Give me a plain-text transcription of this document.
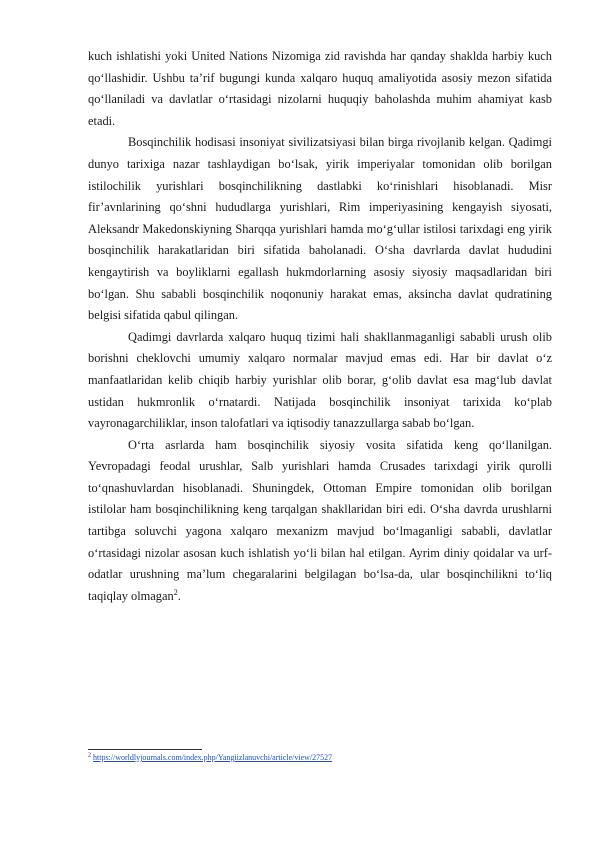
kuch ishlatishi yoki United Nations Nizomiga zid ravishda har qanday shaklda harbiy kuch qo‘llashidir. Ushbu ta’rif bugungi kunda xalqaro huquq amaliyotida asosiy mezon sifatida qo‘llaniladi va davlatlar o‘rtasidagi nizolarni huquqiy baholashda muhim ahamiyat kasb etadi.

Bosqinchilik hodisasi insoniyat sivilizatsiyasi bilan birga rivojlanib kelgan. Qadimgi dunyo tarixiga nazar tashlaydigan bo‘lsak, yirik imperiyalar tomonidan olib borilgan istilochilik yurishlari bosqinchilikning dastlabki ko‘rinishlari hisoblanadi. Misr fir’avnlarining qo‘shni hududlarga yurishlari, Rim imperiyasining kengayish siyosati, Aleksandr Makedonskiyning Sharqqa yurishlari hamda mo‘g‘ullar istilosi tarixdagi eng yirik bosqinchilik harakatlaridan biri sifatida baholanadi. O‘sha davrlarda davlat hududini kengaytirish va boyliklarni egallash hukmdorlarning asosiy siyosiy maqsadlaridan biri bo‘lgan. Shu sababli bosqinchilik noqonuniy harakat emas, aksincha davlat qudratining belgisi sifatida qabul qilingan.

Qadimgi davrlarda xalqaro huquq tizimi hali shakllanmaganligi sababli urush olib borishni cheklovchi umumiy xalqaro normalar mavjud emas edi. Har bir davlat o‘z manfaatlaridan kelib chiqib harbiy yurishlar olib borar, g‘olib davlat esa mag‘lub davlat ustidan hukmronlik o‘rnatardi. Natijada bosqinchilik insoniyat tarixida ko‘plab vayronagarchiliklar, inson talofatlari va iqtisodiy tanazzullarga sabab bo‘lgan.

O‘rta asrlarda ham bosqinchilik siyosiy vosita sifatida keng qo‘llanilgan. Yevropadagi feodal urushlar, Salb yurishlari hamda Crusades tarixdagi yirik qurolli to‘qnashuvlardan hisoblanadi. Shuningdek, Ottoman Empire tomonidan olib borilgan istilolar ham bosqinchilikning keng tarqalgan shakllaridan biri edi. O‘sha davrda urushlarni tartibga soluvchi yagona xalqaro mexanizm mavjud bo‘lmaganligi sababli, davlatlar o‘rtasidagi nizolar asosan kuch ishlatish yo‘li bilan hal etilgan. Ayrim diniy qoidalar va urf-odatlar urushning ma’lum chegaralarini belgilagan bo‘lsa-da, ular bosqinchilikni to‘liq taqiqlay olmagan$^2$.

$^2$ https://worldlyjournals.com/index.php/Yangiizlanuvchi/article/view/27527
